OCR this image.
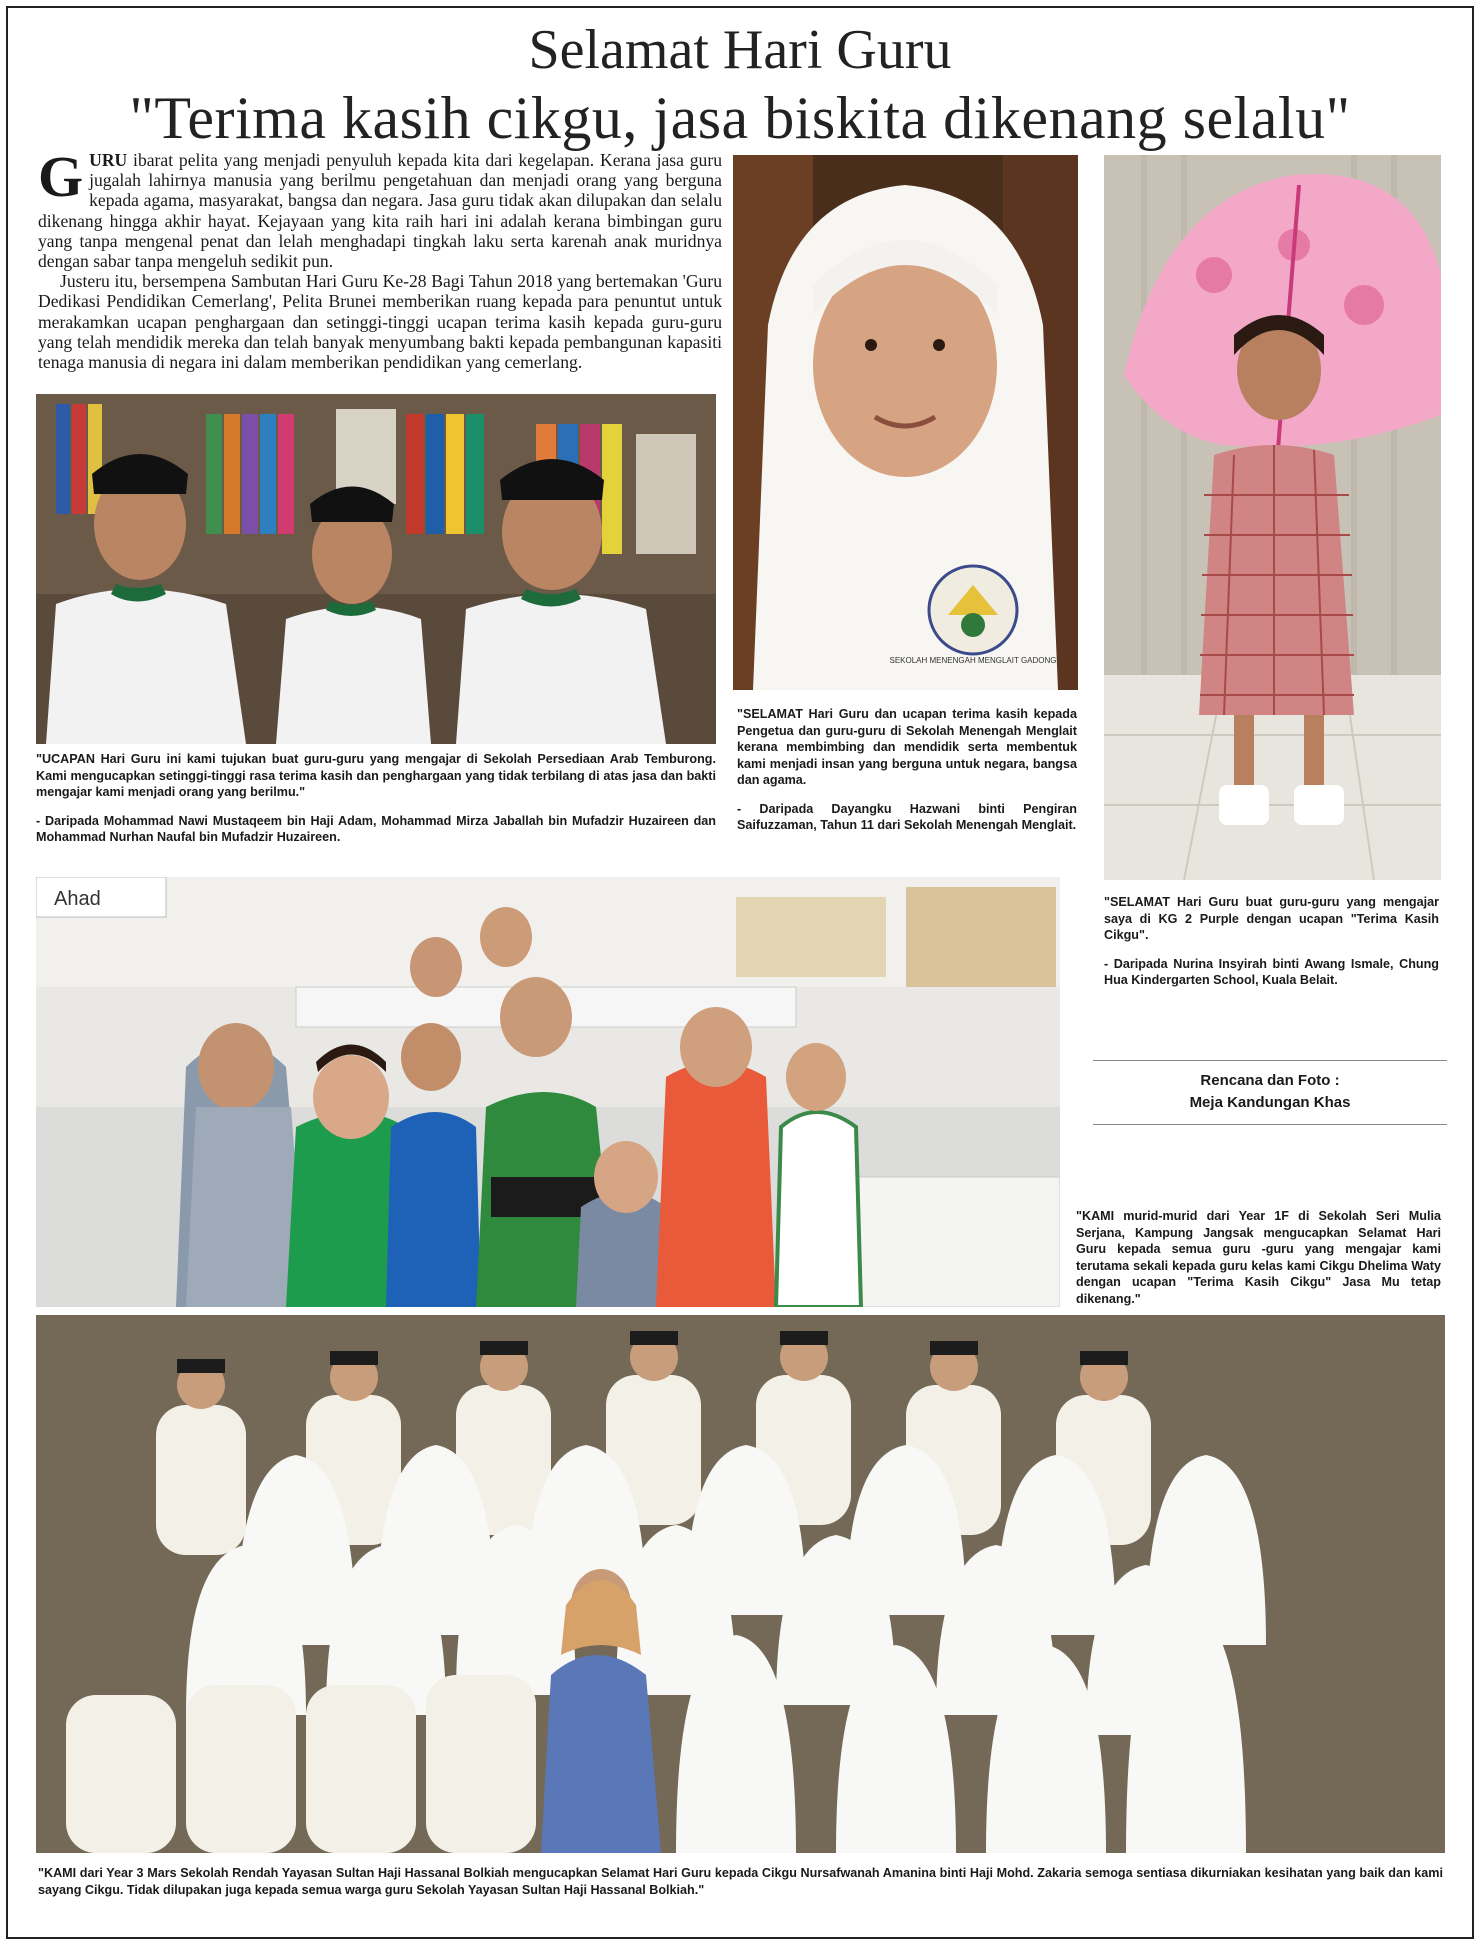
Selamat Hari Guru
"Terima kasih cikgu, jasa biskita dikenang selalu"

GURU ibarat pelita yang menjadi penyuluh kepada kita dari kegelapan. Kerana jasa guru jugalah lahirnya manusia yang berilmu pengetahuan dan menjadi orang yang berguna kepada agama, masyarakat, bangsa dan negara. Jasa guru tidak akan dilupakan dan selalu dikenang hingga akhir hayat. Kejayaan yang kita raih hari ini adalah kerana bimbingan guru yang tanpa mengenal penat dan lelah menghadapi tingkah laku serta karenah anak muridnya dengan sabar tanpa mengeluh sedikit pun.

Justeru itu, bersempena Sambutan Hari Guru Ke-28 Bagi Tahun 2018 yang bertemakan 'Guru Dedikasi Pendidikan Cemerlang', Pelita Brunei memberikan ruang kepada para penuntut untuk merakamkan ucapan penghargaan dan setinggi-tinggi ucapan terima kasih kepada guru-guru yang telah mendidik mereka dan telah banyak menyumbang bakti kepada pembangunan kapasiti tenaga manusia di negara ini dalam memberikan pendidikan yang cemerlang.

"UCAPAN Hari Guru ini kami tujukan buat guru-guru yang mengajar di Sekolah Persediaan Arab Temburong. Kami mengucapkan setinggi-tinggi rasa terima kasih dan penghargaan yang tidak terbilang di atas jasa dan bakti mengajar kami menjadi orang yang berilmu."

- Daripada Mohammad Nawi Mustaqeem bin Haji Adam, Mohammad Mirza Jaballah bin Mufadzir Huzaireen dan Mohammad Nurhan Naufal bin Mufadzir Huzaireen.

SEKOLAH MENENGAH MENGLAIT GADONG

"SELAMAT Hari Guru dan ucapan terima kasih kepada Pengetua dan guru-guru di Sekolah Menengah Menglait kerana membimbing dan mendidik serta membentuk kami menjadi insan yang berguna untuk negara, bangsa dan agama.

- Daripada Dayangku Hazwani binti Pengiran Saifuzzaman, Tahun 11 dari Sekolah Menengah Menglait.

"SELAMAT Hari Guru buat guru-guru yang mengajar saya di KG 2 Purple dengan ucapan "Terima Kasih Cikgu".

- Daripada Nurina Insyirah binti Awang Ismale, Chung Hua Kindergarten School, Kuala Belait.

Rencana dan Foto :
Meja Kandungan Khas
Ahad

"KAMI murid-murid dari Year 1F di Sekolah Seri Mulia Serjana, Kampung Jangsak mengucapkan Selamat Hari Guru kepada semua guru -guru yang mengajar kami terutama sekali kepada guru kelas kami Cikgu Dhelima Waty dengan ucapan "Terima Kasih Cikgu" Jasa Mu tetap dikenang."

"KAMI dari Year 3 Mars Sekolah Rendah Yayasan Sultan Haji Hassanal Bolkiah mengucapkan Selamat Hari Guru kepada Cikgu Nursafwanah Amanina binti Haji Mohd. Zakaria semoga sentiasa dikurniakan kesihatan yang baik dan kami sayang Cikgu. Tidak dilupakan juga kepada semua warga guru Sekolah Yayasan Sultan Haji Hassanal Bolkiah."
